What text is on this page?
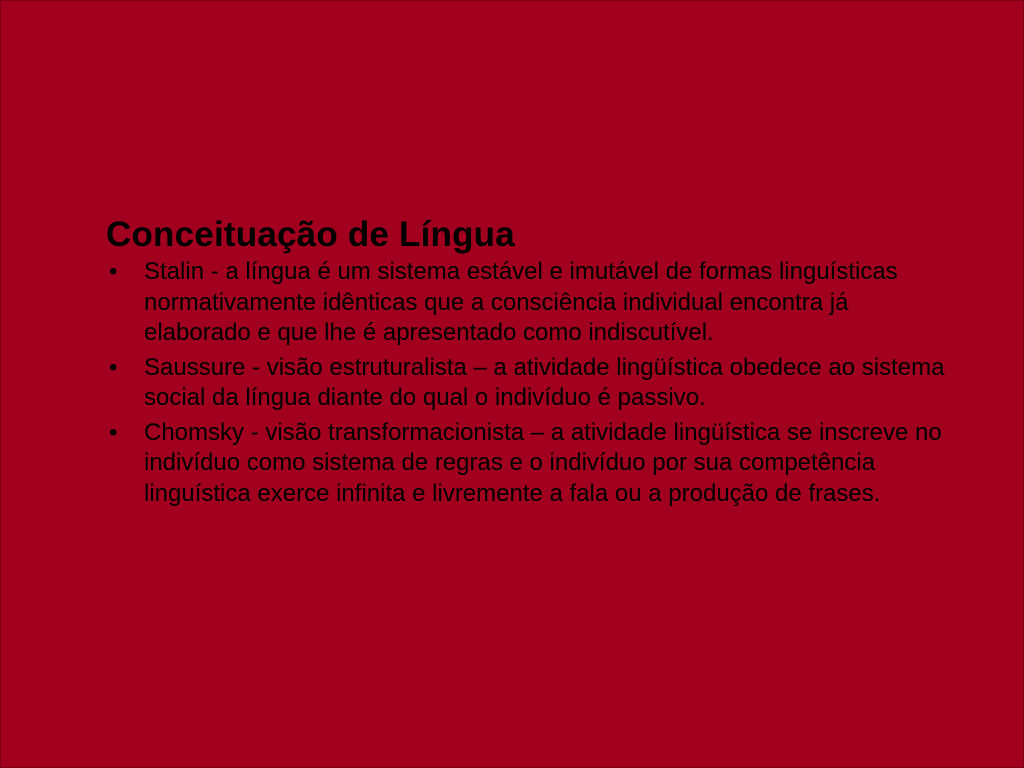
Conceituação de Língua
• Stalin - a língua é um sistema estável e imutável de formas linguísticas normativamente idênticas que a consciência individual encontra já elaborado e que lhe é apresentado como indiscutível.
• Saussure - visão estruturalista – a atividade lingüística obedece ao sistema social da língua diante do qual o indivíduo é passivo.
• Chomsky - visão transformacionista – a atividade lingüística se inscreve no indivíduo como sistema de regras e o indivíduo por sua competência linguística exerce infinita e livremente a fala ou a produção de frases.
